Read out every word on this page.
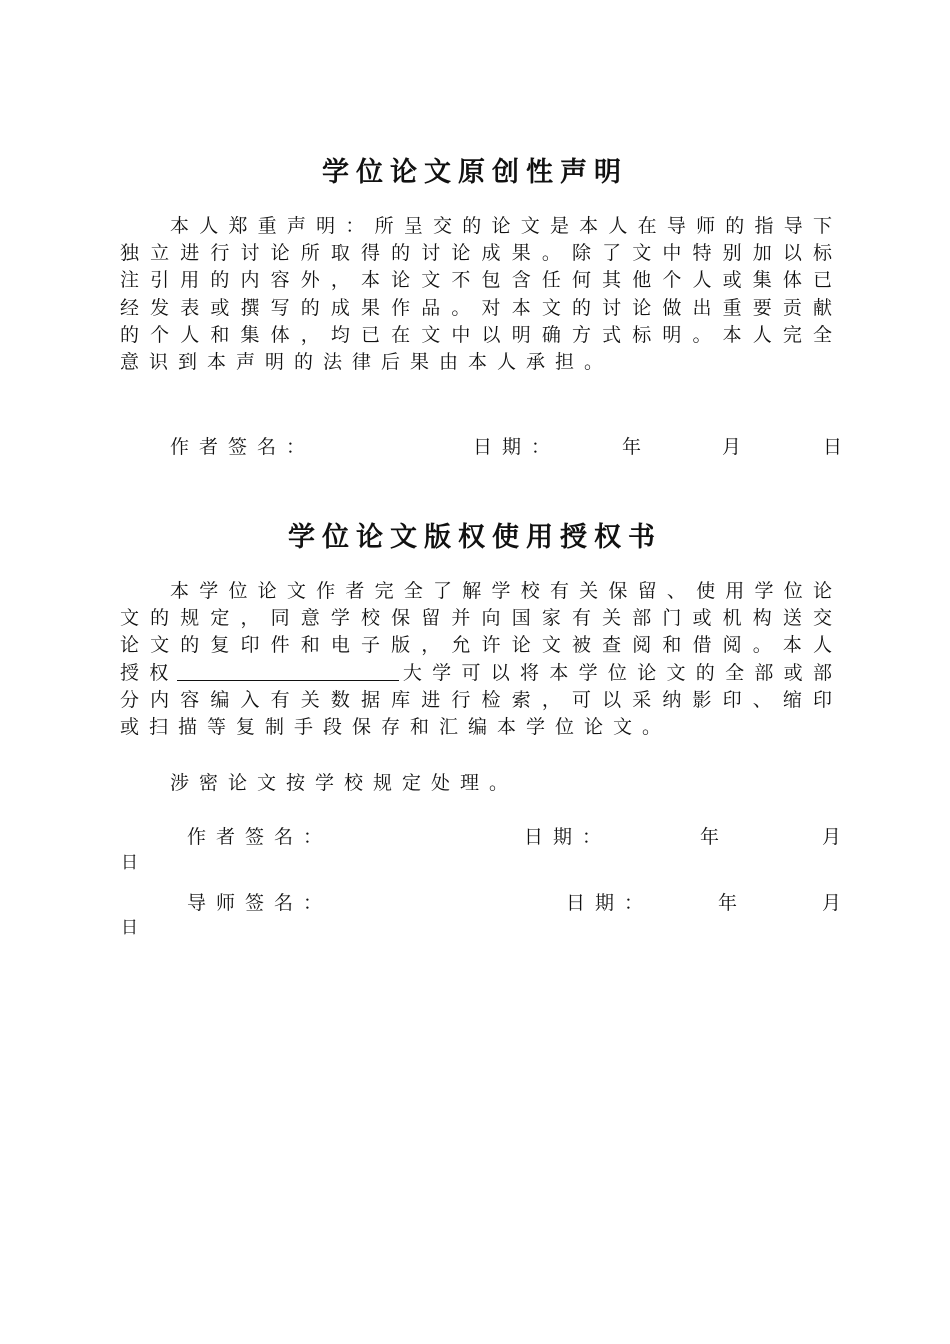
学位论文原创性声明

本人郑重声明：所呈交的论文是本人在导师的指导下独立进行讨论所取得的讨论成果。除了文中特别加以标注引用的内容外，本论文不包含任何其他个人或集体已经发表或撰写的成果作品。对本文的讨论做出重要贡献的个人和集体，均已在文中以明确方式标明。本人完全意识到本声明的法律后果由本人承担。

作者签名：	日期：	年	月	日
学位论文版权使用授权书

本学位论文作者完全了解学校有关保留、使用学位论文的规定，同意学校保留并向国家有关部门或机构送交论文的复印件和电子版，允许论文被查阅和借阅。本人授权	大学可以将本学位论文的全部或部分内容编入有关数据库进行检索，可以采纳影印、缩印或扫描等复制手段保存和汇编本学位论文。

涉密论文按学校规定处理。
作者签名：	日期：	年	月
日
导师签名：	日期：	年	月
日
